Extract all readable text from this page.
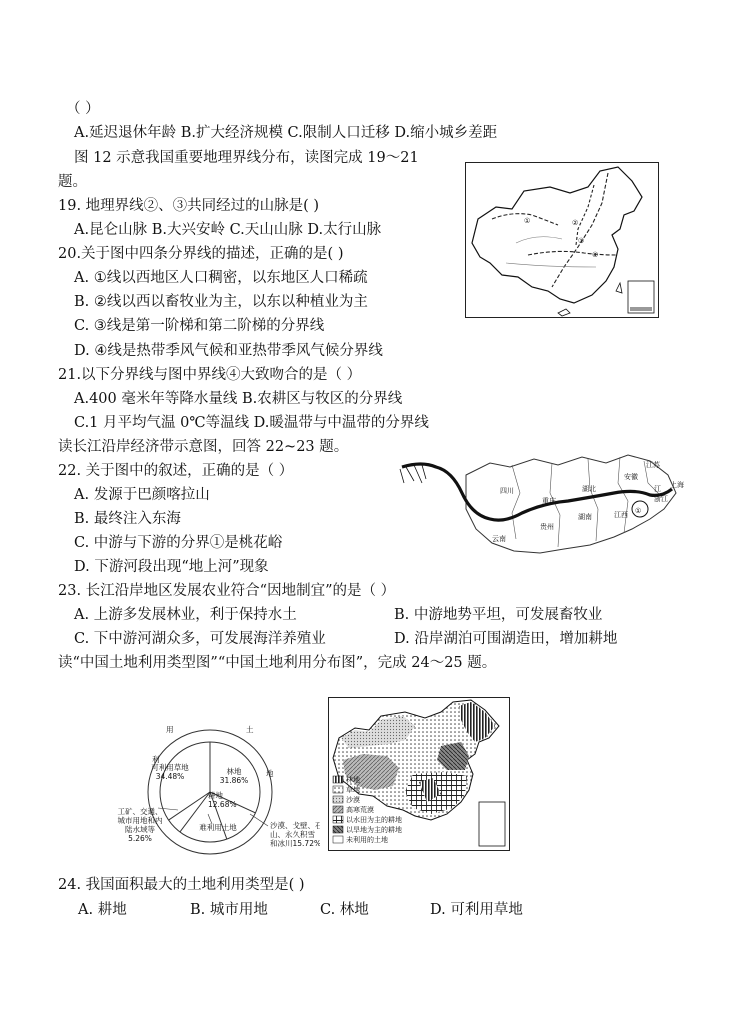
（ ）
A.延迟退休年龄 B.扩大经济规模 C.限制人口迁移 D.缩小城乡差距
图 12 示意我国重要地理界线分布，读图完成 19～21
题。
19. 地理界线②、③共同经过的山脉是( )
A.昆仑山脉 B.大兴安岭 C.天山山脉 D.太行山脉
20.关于图中四条分界线的描述，正确的是( )
A. ①线以西地区人口稠密，以东地区人口稀疏
B. ②线以西以畜牧业为主，以东以种植业为主
C. ③线是第一阶梯和第二阶梯的分界线
D. ④线是热带季风气候和亚热带季风气候分界线
21.以下分界线与图中界线④大致吻合的是（ ）
A.400 毫米年等降水量线 B.农耕区与牧区的分界线
C.1 月平均气温 0℃等温线 D.暖温带与中温带的分界线
读长江沿岸经济带示意图，回答 22~23 题。
22. 关于图中的叙述，正确的是（ ）
A. 发源于巴颜喀拉山
B. 最终注入东海
C. 中游与下游的分界①是桃花峪
D. 下游河段出现“地上河”现象
23. 长江沿岸地区发展农业符合“因地制宜”的是（ ）
A. 上游多发展林业，利于保持水土	B. 中游地势平坦，可发展畜牧业
C. 下中游河湖众多，可发展海洋养殖业	D. 沿岸湖泊可围湖造田，增加耕地
读“中国土地利用类型图”“中国土地利用分布图”，完成 24～25 题。
24. 我国面积最大的土地利用类型是( )
A. 耕地	B. 城市用地	C. 林地	D. 可利用草地
①	②
③
④
四川
重庆
湖北
安徽
江苏
上海
浙江
江西
湖南
贵州
云南
江
①
用	土
地
利
可利用草地
34.48%
林地
31.86%
耕地
12.68%
沙漠、戈壁、石
山、永久积雪
和冰川15.72%
难利用土地
工矿、交通、
城市用地和内
陆水域等
5.26%
林地
草地
沙漠
高寒荒漠
以水田为主的耕地
以旱地为主的耕地
未利用的土地
